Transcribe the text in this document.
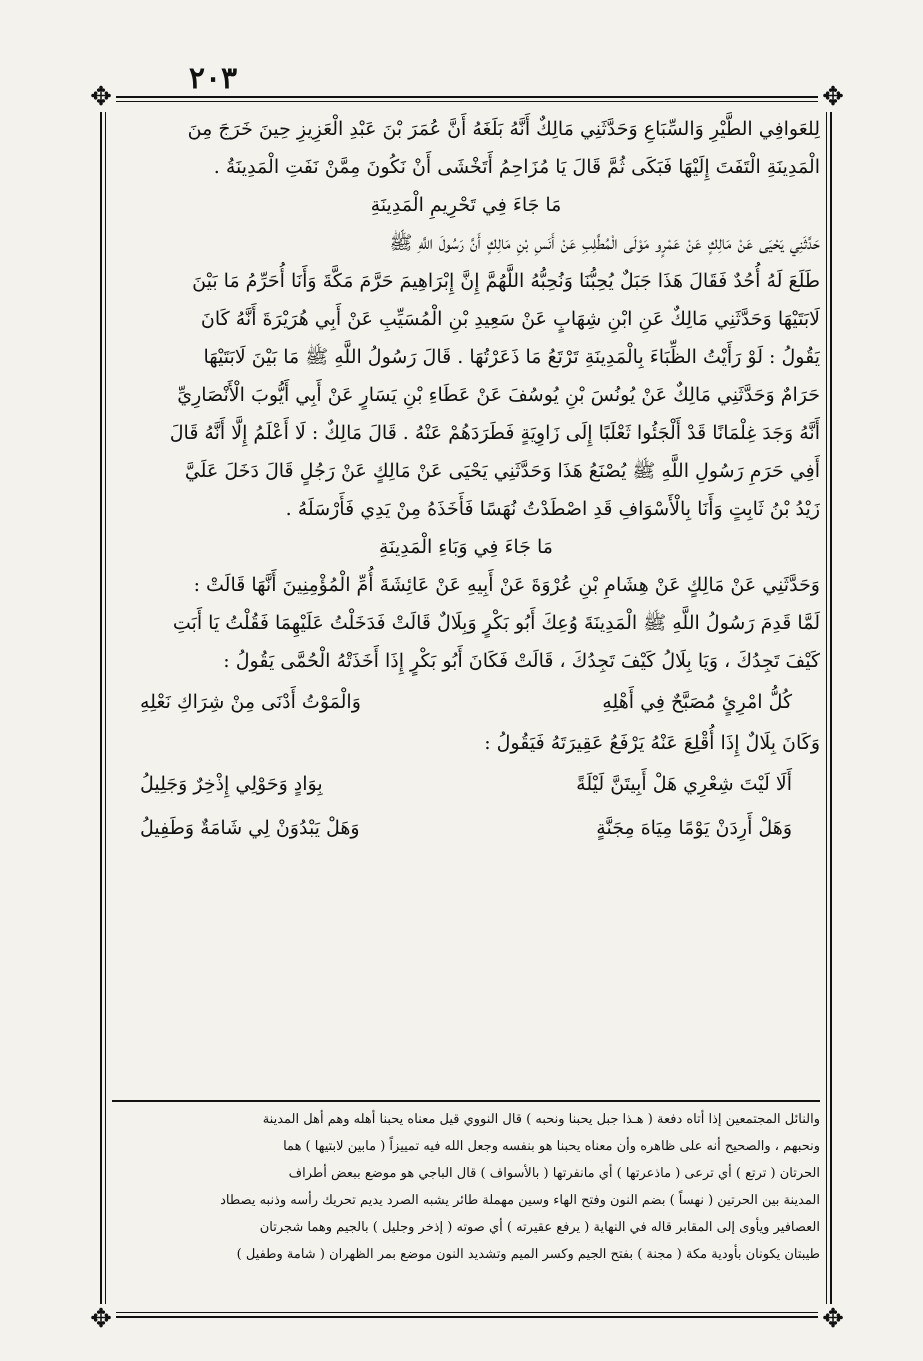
٢٠٣
✥	✥
✥	✥
لِلعَوافِي الطَّيْرِ وَالسِّبَاعِ وَحَدَّثَنِي مَالِكٌ أَنَّهُ بَلَغَهُ أَنَّ عُمَرَ بْنَ عَبْدِ الْعَزِيزِ حِينَ خَرَجَ مِنَ
الْمَدِينَةِ الْتَفَتَ إِلَيْهَا فَبَكَى ثُمَّ قَالَ يَا مُزَاحِمُ أَتَخْشَى أَنْ نَكُونَ مِمَّنْ نَفَتِ الْمَدِينَةُ .
مَا جَاءَ فِي تَحْرِيمِ الْمَدِينَةِ
حَدَّثَنِي يَحْيَى عَنْ مَالِكٍ عَنْ عَمْرٍو مَوْلَى الْمُطَّلِبِ عَنْ أَنَسِ بْنِ مَالِكٍ أَنَّ رَسُولَ اللَّهِ ﷺ
طَلَعَ لَهُ أُحُدٌ فَقَالَ هَذَا جَبَلٌ يُحِبُّنَا وَنُحِبُّهُ اللَّهُمَّ إِنَّ إِبْرَاهِيمَ حَرَّمَ مَكَّةَ وَأَنَا أُحَرِّمُ مَا بَيْنَ
لَابَتَيْهَا وَحَدَّثَنِي مَالِكٌ عَنِ ابْنِ شِهَابٍ عَنْ سَعِيدِ بْنِ الْمُسَيِّبِ عَنْ أَبِي هُرَيْرَةَ أَنَّهُ كَانَ
يَقُولُ : لَوْ رَأَيْتُ الظِّبَاءَ بِالْمَدِينَةِ تَرْتَعُ مَا ذَعَرْتُهَا . قَالَ رَسُولُ اللَّهِ ﷺ مَا بَيْنَ لَابَتَيْهَا
حَرَامٌ وَحَدَّثَنِي مَالِكٌ عَنْ يُونُسَ بْنِ يُوسُفَ عَنْ عَطَاءِ بْنِ يَسَارٍ عَنْ أَبِي أَيُّوبَ الْأَنْصَارِيِّ
أَنَّهُ وَجَدَ غِلْمَانًا قَدْ أَلْجَئُوا ثَعْلَبًا إِلَى زَاوِيَةٍ فَطَرَدَهُمْ عَنْهُ . قَالَ مَالِكٌ : لَا أَعْلَمُ إِلَّا أَنَّهُ قَالَ
أَفِي حَرَمِ رَسُولِ اللَّهِ ﷺ يُصْنَعُ هَذَا وَحَدَّثَنِي يَحْيَى عَنْ مَالِكٍ عَنْ رَجُلٍ قَالَ دَخَلَ عَلَيَّ
زَيْدُ بْنُ ثَابِتٍ وَأَنَا بِالْأَسْوَافِ قَدِ اصْطَدْتُ نُهَسًا فَأَخَذَهُ مِنْ يَدِي فَأَرْسَلَهُ .
مَا جَاءَ فِي وَبَاءِ الْمَدِينَةِ
وَحَدَّثَنِي عَنْ مَالِكٍ عَنْ هِشَامِ بْنِ عُرْوَةَ عَنْ أَبِيهِ عَنْ عَائِشَةَ أُمِّ الْمُؤْمِنِينَ أَنَّهَا قَالَتْ :
لَمَّا قَدِمَ رَسُولُ اللَّهِ ﷺ الْمَدِينَةَ وُعِكَ أَبُو بَكْرٍ وَبِلَالٌ قَالَتْ فَدَخَلْتُ عَلَيْهِمَا فَقُلْتُ يَا أَبَتِ
كَيْفَ تَجِدُكَ ، وَيَا بِلَالُ كَيْفَ تَجِدُكَ ، قَالَتْ فَكَانَ أَبُو بَكْرٍ إِذَا أَخَذَتْهُ الْحُمَّى يَقُولُ :
كُلُّ امْرِئٍ مُصَبَّحٌ فِي أَهْلِهِ
وَالْمَوْتُ أَدْنَى مِنْ شِرَاكِ نَعْلِهِ
وَكَانَ بِلَالٌ إِذَا أُقْلِعَ عَنْهُ يَرْفَعُ عَقِيرَتَهُ فَيَقُولُ :
أَلَا لَيْتَ شِعْرِي هَلْ أَبِيتَنَّ لَيْلَةً
بِوَادٍ وَحَوْلِي إِذْخِرٌ وَجَلِيلُ
وَهَلْ أَرِدَنْ يَوْمًا مِيَاهَ مِجَنَّةٍ
وَهَلْ يَبْدُوَنْ لِي شَامَةٌ وَطَفِيلُ
والنائل المجتمعين إذا أتاه دفعة ( هـذا جبل يحبنا ونحبه ) قال النووي قيل معناه يحبنا أهله وهم أهل المدينة
ونحبهم ، والصحيح أنه على ظاهره وأن معناه يحبنا هو بنفسه وجعل الله فيه تمييزاً ( مابين لابتيها ) هما
الحرتان ( ترتع ) أي ترعى ( ماذعرتها ) أي مانفرتها ( بالأسواف ) قال الباجي هو موضع ببعض أطراف
المدينة بين الحرتين ( نهساً ) بضم النون وفتح الهاء وسين مهملة طائر يشبه الصرد يديم تحريك رأسه وذنبه يصطاد
العصافير ويأوى إلى المقابر قاله في النهاية ( يرفع عقيرته ) أي صوته ( إذخر وجليل ) بالجيم وهما شجرتان
طيبتان يكونان بأودية مكة ( مجنة ) بفتح الجيم وكسر الميم وتشديد النون موضع بمر الظهران ( شامة وطفيل )
